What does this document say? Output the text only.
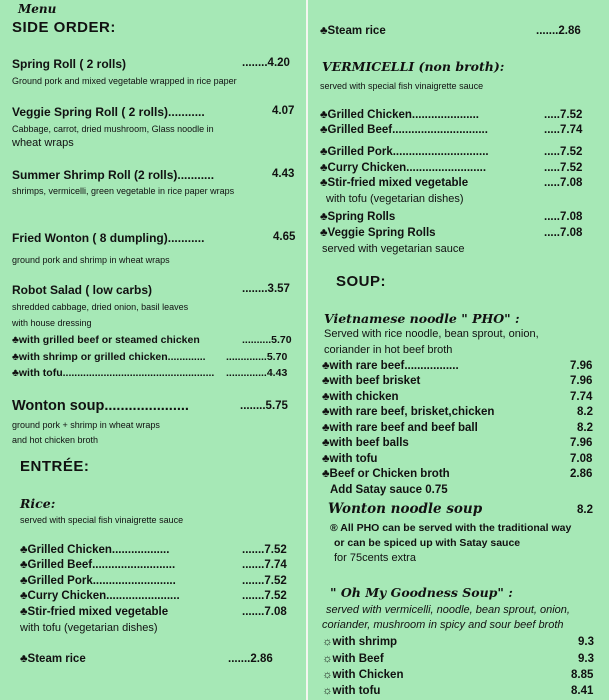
Menu
SIDE ORDER:
Spring Roll ( 2 rolls)	........4.20
Ground pork and mixed vegetable wrapped in rice paper
Veggie Spring Roll ( 2 rolls)...........	4.07
Cabbage, carrot, dried mushroom, Glass noodle in
wheat wraps
Summer Shrimp Roll (2 rolls)...........	4.43
shrimps, vermicelli, green vegetable in rice paper wraps
Fried Wonton ( 8 dumpling)...........	4.65
ground pork and shrimp in wheat wraps
Robot Salad ( low carbs)	........3.57
shredded cabbage, dried onion, basil leaves
with house dressing
♣with grilled beef or steamed chicken	..........5.70
♣with shrimp or grilled chicken............. ..............5.70
♣with tofu.................................................... ..............4.43
Wonton soup.....................	........5.75
ground pork + shrimp in wheat wraps
and hot chicken broth
ENTRÉE:
Rice:
served with special fish vinaigrette sauce
♣Grilled Chicken..................	.......7.52
♣Grilled Beef..........................	.......7.74
♣Grilled Pork..........................	.......7.52
♣Curry Chicken.......................	.......7.52
♣Stir-fried mixed vegetable	.......7.08
with tofu (vegetarian dishes)
♣Steam rice	.......2.86
♣Steam rice	.......2.86
VERMICELLI (non broth):
served with special fish vinaigrette sauce
♣Grilled Chicken.....................	.....7.52
♣Grilled Beef..............................	.....7.74
♣Grilled Pork..............................	.....7.52
♣Curry Chicken.........................	.....7.52
♣Stir-fried mixed vegetable	.....7.08
with tofu (vegetarian dishes)
♣Spring Rolls	.....7.08
♣Veggie Spring Rolls	.....7.08
served with vegetarian sauce
SOUP:
Vietnamese noodle " PHO" :
Served with rice noodle, bean sprout, onion,
coriander in hot beef broth
♣with rare beef.................	7.96
♣with beef brisket	7.96
♣with chicken	7.74
♣with rare beef, brisket,chicken	8.2
♣with rare beef and beef ball	8.2
♣with beef balls	7.96
♣with tofu	7.08
♣Beef or Chicken broth	2.86
Add Satay sauce 0.75
Wonton noodle soup	8.2
® All PHO can be served with the traditional way
or can be spiced up with Satay sauce
for 75cents extra
" Oh My Goodness Soup" :
served with vermicelli, noodle, bean sprout, onion,
coriander, mushroom in spicy and sour beef broth
☼with shrimp	9.3
☼with Beef	9.3
☼with Chicken	8.85
☼with tofu	8.41
